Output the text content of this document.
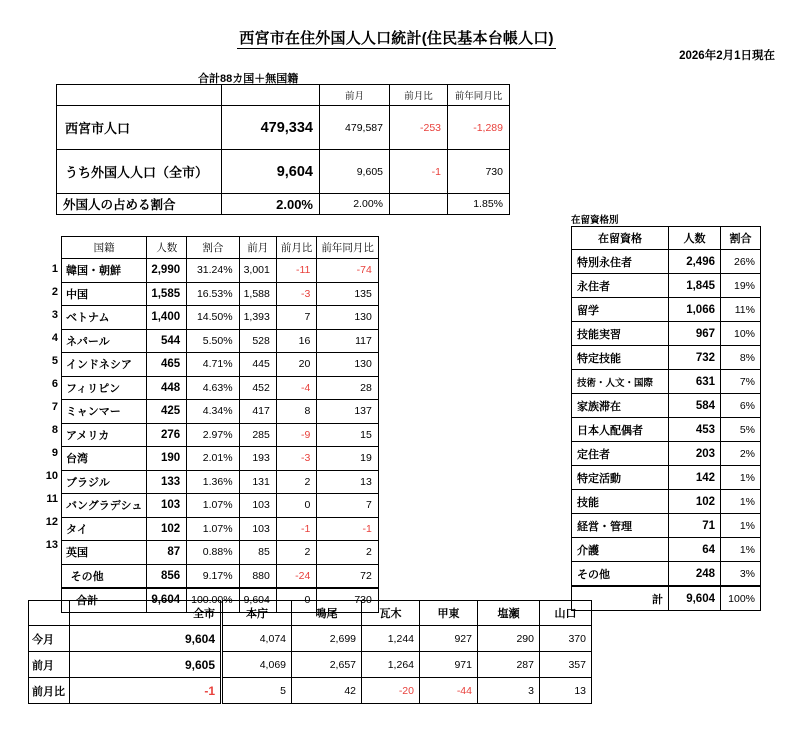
西宮市在住外国人人口統計(住民基本台帳人口)
2026年2月1日現在
合計88カ国＋無国籍
在留資格別
		前月	前月比	前年同月比
西宮市人口	479,334	479,587	-253	-1,289
うち外国人人口（全市）	9,604	9,605	-1	730
外国人の占める割合	2.00%	2.00%		1.85%
1
2
3
4
5
6
7
8
9
10
11
12
13
国籍	人数	割合	前月	前月比	前年同月比
韓国・朝鮮	2,990	31.24%	3,001	-11	-74
中国	1,585	16.53%	1,588	-3	135
ベトナム	1,400	14.50%	1,393	7	130
ネパール	544	5.50%	528	16	117
インドネシア	465	4.71%	445	20	130
フィリピン	448	4.63%	452	-4	28
ミャンマー	425	4.34%	417	8	137
アメリカ	276	2.97%	285	-9	15
台湾	190	2.01%	193	-3	19
ブラジル	133	1.36%	131	2	13
バングラデシュ	103	1.07%	103	0	7
タイ	102	1.07%	103	-1	-1
英国	87	0.88%	85	2	2
その他	856	9.17%	880	-24	72
合計	9,604	100.00%	9,604	0	730
在留資格	人数	割合
特別永住者	2,496	26%
永住者	1,845	19%
留学	1,066	11%
技能実習	967	10%
特定技能	732	8%
技術・人文・国際	631	7%
家族滞在	584	6%
日本人配偶者	453	5%
定住者	203	2%
特定活動	142	1%
技能	102	1%
経営・管理	71	1%
介護	64	1%
その他	248	3%
計	9,604	100%
	全市	本庁	鳴尾	瓦木	甲東	塩瀬	山口
今月	9,604	4,074	2,699	1,244	927	290	370
前月	9,605	4,069	2,657	1,264	971	287	357
前月比	-1	5	42	-20	-44	3	13
